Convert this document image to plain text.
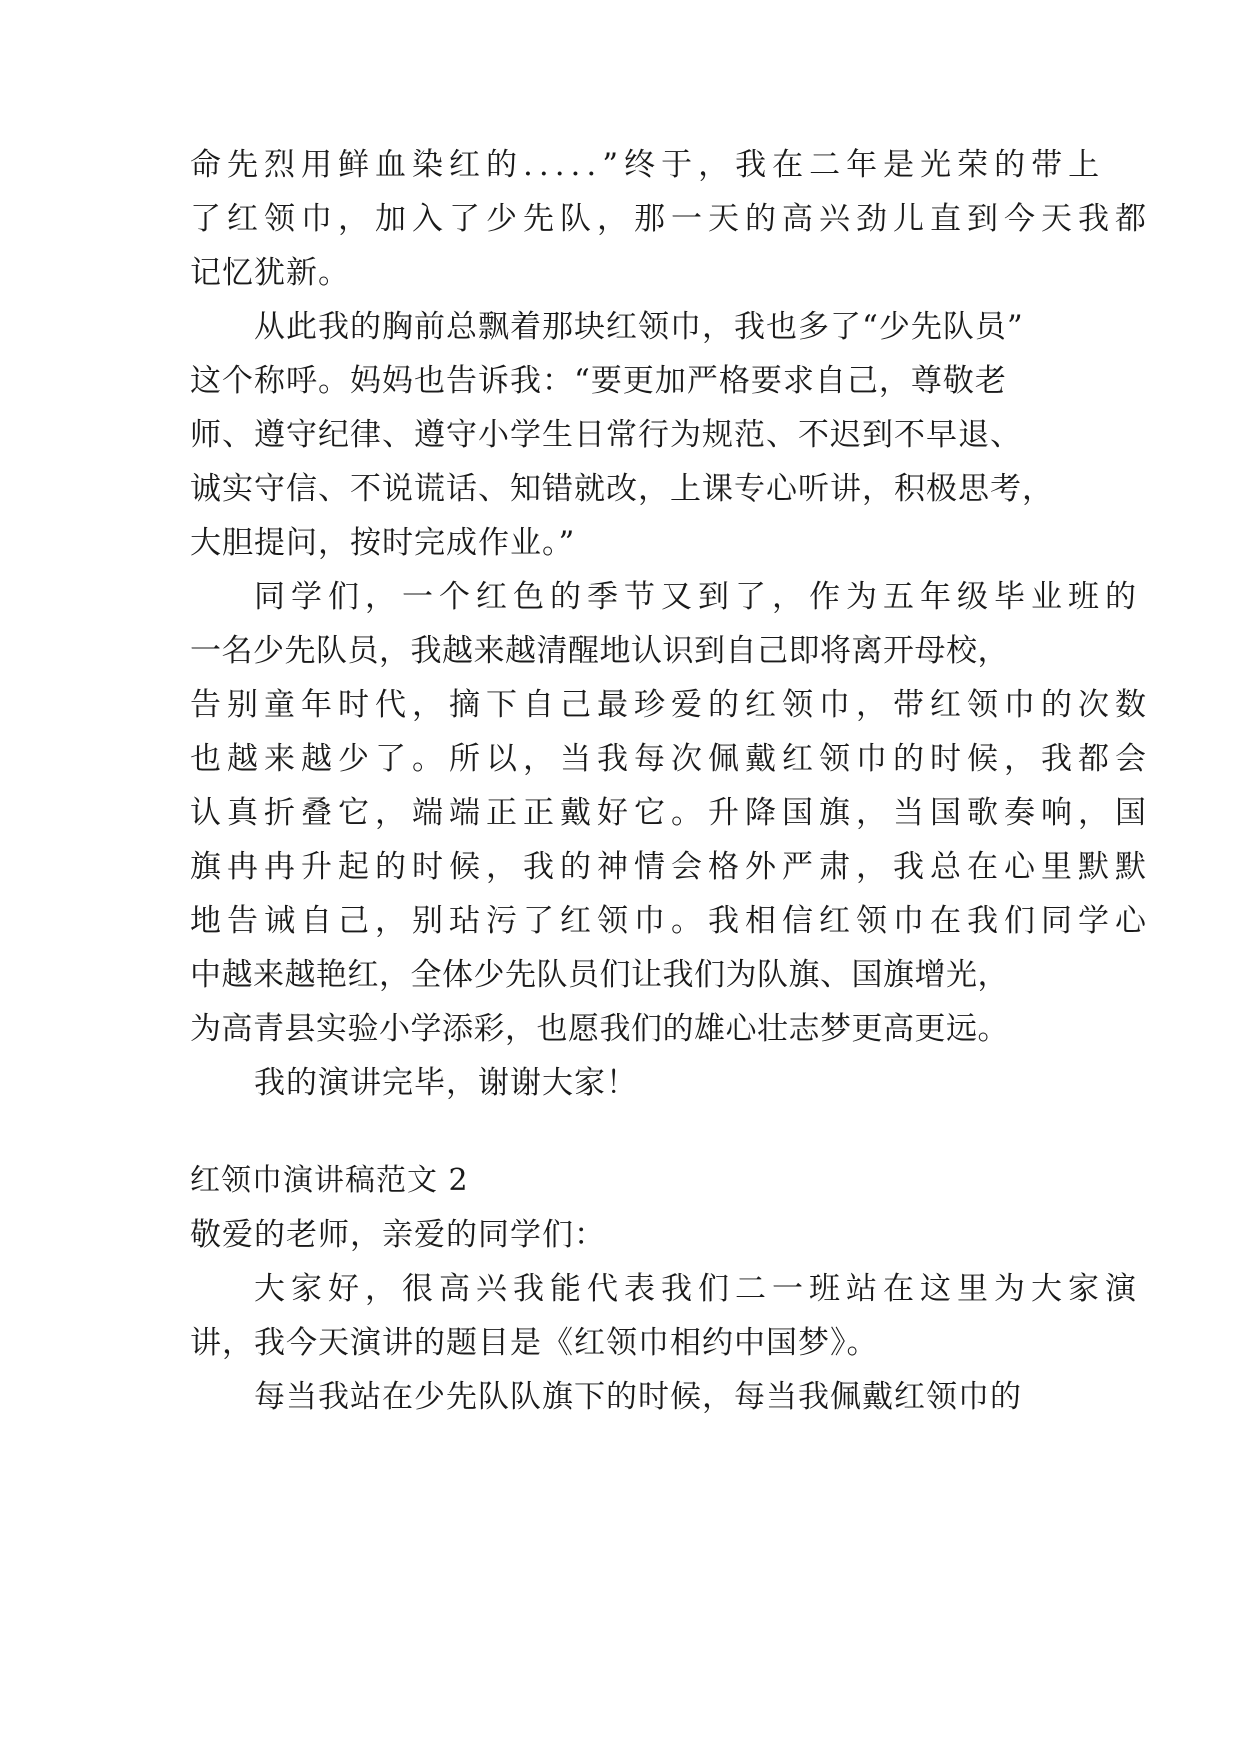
命先烈用鲜血染红的.....”终于，我在二年是光荣的带上
了红领巾，加入了少先队，那一天的高兴劲儿直到今天我都
记忆犹新。
从此我的胸前总飘着那块红领巾，我也多了“少先队员”
这个称呼。妈妈也告诉我：“要更加严格要求自己，尊敬老
师、遵守纪律、遵守小学生日常行为规范、不迟到不早退、
诚实守信、不说谎话、知错就改，上课专心听讲，积极思考，
大胆提问，按时完成作业。”
同学们，一个红色的季节又到了，作为五年级毕业班的
一名少先队员，我越来越清醒地认识到自己即将离开母校，
告别童年时代，摘下自己最珍爱的红领巾，带红领巾的次数
也越来越少了。所以，当我每次佩戴红领巾的时候，我都会
认真折叠它，端端正正戴好它。升降国旗，当国歌奏响，国
旗冉冉升起的时候，我的神情会格外严肃，我总在心里默默
地告诫自己，别玷污了红领巾。我相信红领巾在我们同学心
中越来越艳红，全体少先队员们让我们为队旗、国旗增光，
为高青县实验小学添彩，也愿我们的雄心壮志梦更高更远。
我的演讲完毕，谢谢大家！
红领巾演讲稿范文 2
敬爱的老师，亲爱的同学们：
大家好，很高兴我能代表我们二一班站在这里为大家演
讲，我今天演讲的题目是《红领巾相约中国梦》。
每当我站在少先队队旗下的时候，每当我佩戴红领巾的
